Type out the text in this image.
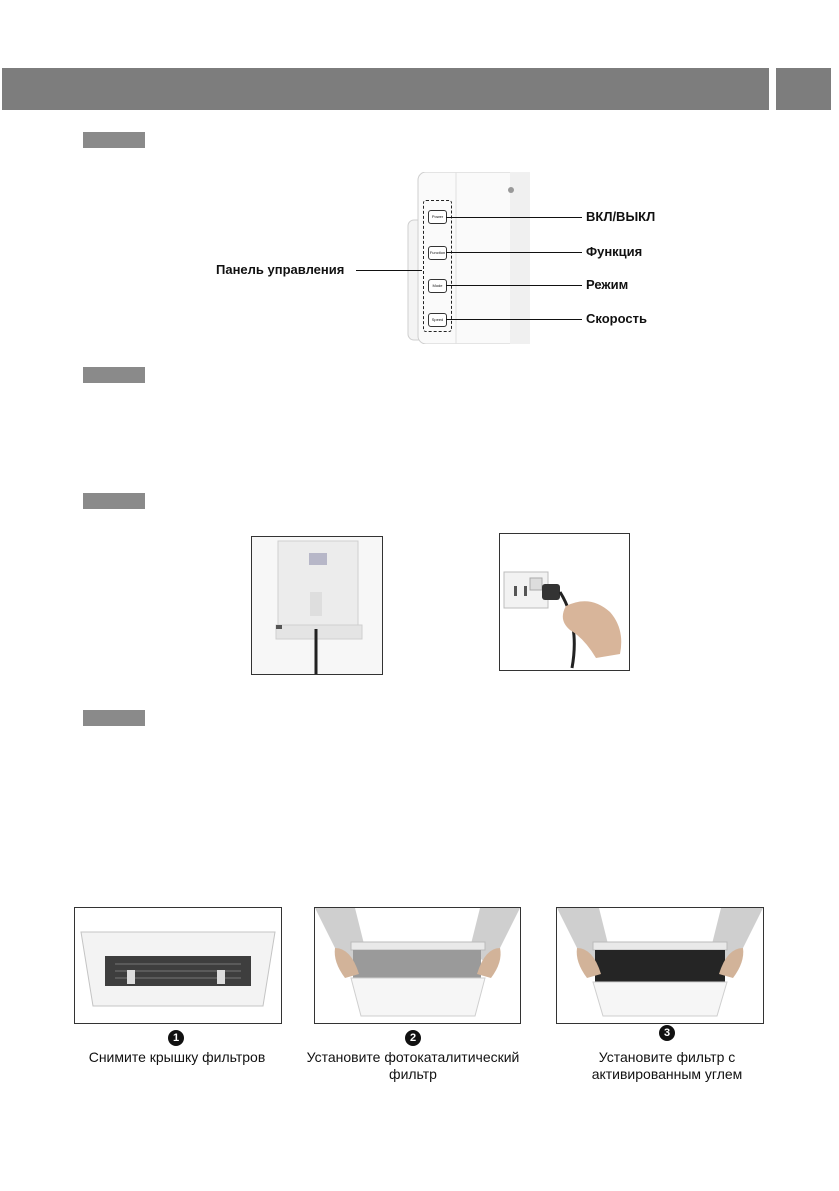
Power
Function
Mode
Speed
Панель управления
ВКЛ/ВЫКЛ
Функция
Режим
Скорость
1
Снимите крышку фильтров
2
Установите фотокаталитический
фильтр
3
Установите фильтр с
активированным углем
